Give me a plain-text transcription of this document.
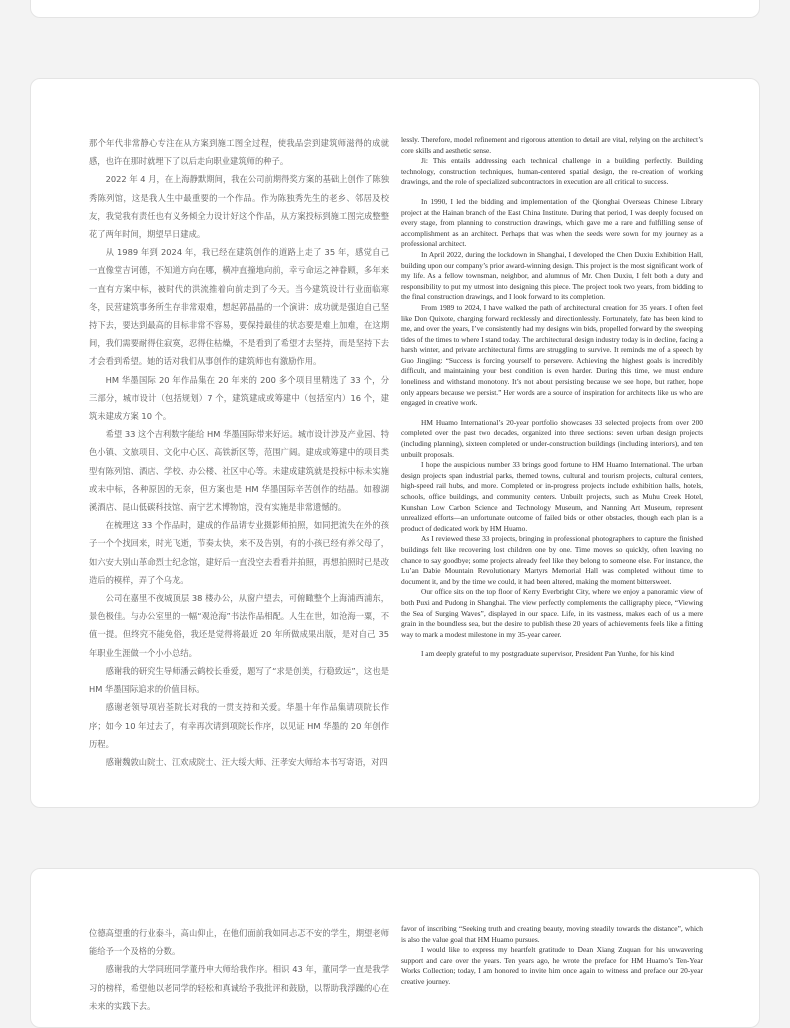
那个年代非常静心专注在从方案到施工图全过程，使我品尝到建筑师滋得的成就感，也许在那时就埋下了以后走向职业建筑师的种子。

2022 年 4 月，在上海静默期间，我在公司前期得奖方案的基础上创作了陈独秀陈列馆，这是我人生中最重要的一个作品。作为陈独秀先生的老乡、邻居及校友，我觉我有责任也有义务倾全力设计好这个作品，从方案投标到施工图完成整整花了两年时间，期望早日建成。

从 1989 年到 2024 年，我已经在建筑创作的道路上走了 35 年，感觉自己一直像堂吉诃德，不知道方向在哪，横冲直撞地向前，幸亏命运之神眷顾，多年来一直有方案中标，被时代的洪流推着向前走到了今天。当今建筑设计行业面临寒冬，民营建筑事务所生存非常艰难，想起郭晶晶的一个演讲：成功就是强迫自己坚持下去，要达到最高的目标非常不容易，要保持最佳的状态要是难上加难，在这期间，我们需要耐得住寂寞，忍得住枯燥，不是看到了希望才去坚持，而是坚持下去才会看到希望。她的话对我们从事创作的建筑师也有激励作用。

HM 华墨国际 20 年作品集在 20 年来的 200 多个项目里精选了 33 个，分三部分，城市设计（包括规划）7 个，建筑建成或筹建中（包括室内）16 个，建筑未建成方案 10 个。

希望 33 这个吉利数字能给 HM 华墨国际带来好运。城市设计涉及产业园、特色小镇、文旅项目、文化中心区、高铁新区等，范围广阔。建成或筹建中的项目类型有陈列馆、酒店、学校、办公楼、社区中心等。未建成建筑就是投标中标未实施或未中标，各种原因的无奈，但方案也是 HM 华墨国际辛苦创作的结晶。如穆湖溪酒店、昆山低碳科技馆、南宁艺术博物馆，没有实施是非常遗憾的。

在梳理这 33 个作品时，建成的作品请专业摄影师拍照，如同把流失在外的孩子一个个找回来，时光飞逝，节奏太快，来不及告别，有的小孩已经有养父母了，如六安大别山革命烈士纪念馆，建好后一直没空去看看并拍照，再想拍照时已是改造后的模样，弄了个乌龙。

公司在嘉里不夜城顶层 38 楼办公，从窗户望去，可俯瞰整个上海浦西浦东，景色极佳。与办公室里的一幅“观沧海”书法作品相配。人生在世，如沧海一粟，不值一提。但终究不能免俗，我还是觉得将最近 20 年所做成果出版，是对自己 35 年职业生涯做一个小小总结。

感谢我的研究生导师潘云鹤校长垂爱，题写了“求是创美，行稳致远”，这也是 HM 华墨国际追求的价值目标。

感谢老领导项岩荃院长对我的一贯支持和关爱。华墨十年作品集请项院长作序；如今 10 年过去了，有幸再次请到项院长作序，以见证 HM 华墨的 20 年创作历程。

感谢魏敦山院士、江欢成院士、汪大绥大师、汪孝安大师给本书写寄语，对四

lessly. Therefore, model refinement and rigorous attention to detail are vital, relying on the architect’s core skills and aesthetic sense.

Ji: This entails addressing each technical challenge in a building perfectly. Building technology, construction techniques, human-centered spatial design, the re-creation of working drawings, and the role of specialized subcontractors in execution are all critical to success.

In 1990, I led the bidding and implementation of the Qionghai Overseas Chinese Library project at the Hainan branch of the East China Institute. During that period, I was deeply focused on every stage, from planning to construction drawings, which gave me a rare and fulfilling sense of accomplishment as an architect. Perhaps that was when the seeds were sown for my journey as a professional architect.

In April 2022, during the lockdown in Shanghai, I developed the Chen Duxiu Exhibition Hall, building upon our company’s prior award-winning design. This project is the most significant work of my life. As a fellow townsman, neighbor, and alumnus of Mr. Chen Duxiu, I felt both a duty and responsibility to put my utmost into designing this piece. The project took two years, from bidding to the final construction drawings, and I look forward to its completion.

From 1989 to 2024, I have walked the path of architectural creation for 35 years. I often feel like Don Quixote, charging forward recklessly and directionlessly. Fortunately, fate has been kind to me, and over the years, I’ve consistently had my designs win bids, propelled forward by the sweeping tides of the times to where I stand today. The architectural design industry today is in decline, facing a harsh winter, and private architectural firms are struggling to survive. It reminds me of a speech by Guo Jingjing: “Success is forcing yourself to persevere. Achieving the highest goals is incredibly difficult, and maintaining your best condition is even harder. During this time, we must endure loneliness and withstand monotony. It’s not about persisting because we see hope, but rather, hope only appears because we persist.” Her words are a source of inspiration for architects like us who are engaged in creative work.

HM Huamo International’s 20-year portfolio showcases 33 selected projects from over 200 completed over the past two decades, organized into three sections: seven urban design projects (including planning), sixteen completed or under-construction buildings (including interiors), and ten unbuilt proposals.

I hope the auspicious number 33 brings good fortune to HM Huamo International. The urban design projects span industrial parks, themed towns, cultural and tourism projects, cultural centers, high-speed rail hubs, and more. Completed or in-progress projects include exhibition halls, hotels, schools, office buildings, and community centers. Unbuilt projects, such as Muhu Creek Hotel, Kunshan Low Carbon Science and Technology Museum, and Nanning Art Museum, represent unrealized efforts—an unfortunate outcome of failed bids or other obstacles, though each plan is a product of dedicated work by HM Huamo.

As I reviewed these 33 projects, bringing in professional photographers to capture the finished buildings felt like recovering lost children one by one. Time moves so quickly, often leaving no chance to say goodbye; some projects already feel like they belong to someone else. For instance, the Lu’an Dabie Mountain Revolutionary Martyrs Memorial Hall was completed without time to document it, and by the time we could, it had been altered, making the moment bittersweet.

Our office sits on the top floor of Kerry Everbright City, where we enjoy a panoramic view of both Puxi and Pudong in Shanghai. The view perfectly complements the calligraphy piece, “Viewing the Sea of Surging Waves”, displayed in our space. Life, in its vastness, makes each of us a mere grain in the boundless sea, but the desire to publish these 20 years of achievements feels like a fitting way to mark a modest milestone in my 35-year career.

I am deeply grateful to my postgraduate supervisor, President Pan Yunhe, for his kind

位德高望重的行业泰斗，高山仰止，在他们面前我如同忐忑不安的学生，期望老师能给予一个及格的分数。

感谢我的大学同班同学董丹申大师给我作序。相识 43 年，董同学一直是我学习的榜样，希望他以老同学的轻松和真诚给予我批评和鼓励，以帮助我浮躁的心在未来的实践下去。

favor of inscribing “Seeking truth and creating beauty, moving steadily towards the distance”, which is also the value goal that HM Huamo pursues.

I would like to express my heartfelt gratitude to Dean Xiang Zuquan for his unwavering support and care over the years. Ten years ago, he wrote the preface for HM Huamo’s Ten-Year Works Collection; today, I am honored to invite him once again to witness and preface our 20-year creative journey.
